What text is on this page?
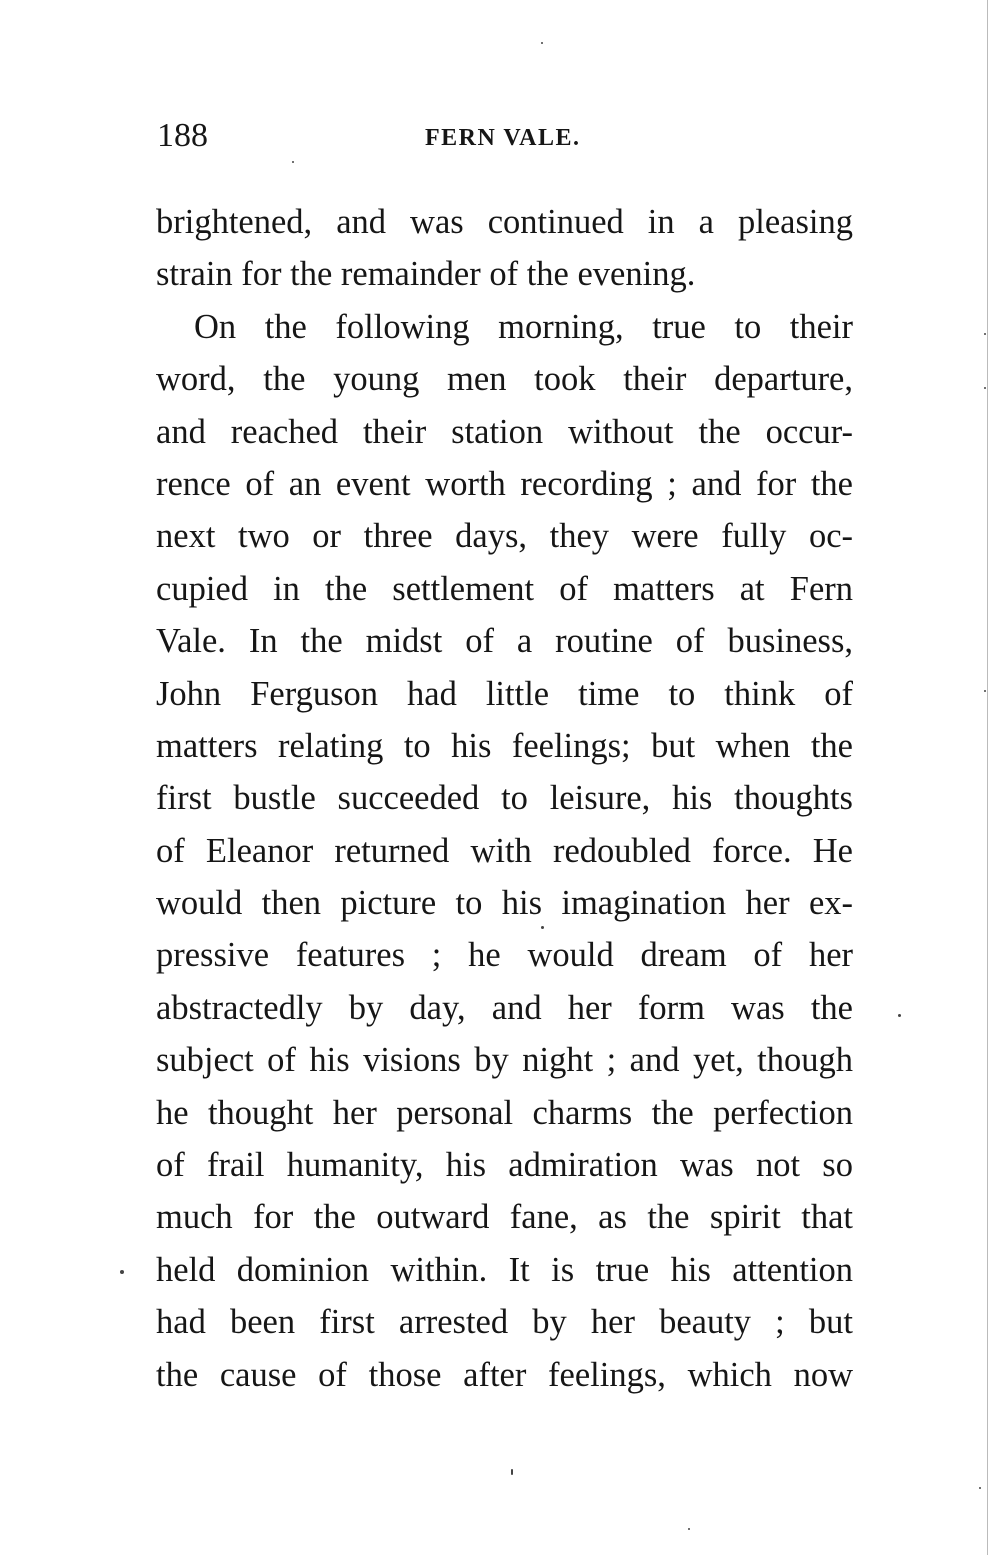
188	FERN VALE.
brightened, and was continued in a pleasing
strain for the remainder of the evening.
On the following morning, true to their
word, the young men took their departure,
and reached their station without the occur-
rence of an event worth recording ; and for the
next two or three days, they were fully oc-
cupied in the settlement of matters at Fern
Vale. In the midst of a routine of business,
John Ferguson had little time to think of
matters relating to his feelings; but when the
first bustle succeeded to leisure, his thoughts
of Eleanor returned with redoubled force. He
would then picture to his imagination her ex-
pressive features ; he would dream of her
abstractedly by day, and her form was the
subject of his visions by night ; and yet, though
he thought her personal charms the perfection
of frail humanity, his admiration was not so
much for the outward fane, as the spirit that
held dominion within. It is true his attention
had been first arrested by her beauty ; but
the cause of those after feelings, which now
